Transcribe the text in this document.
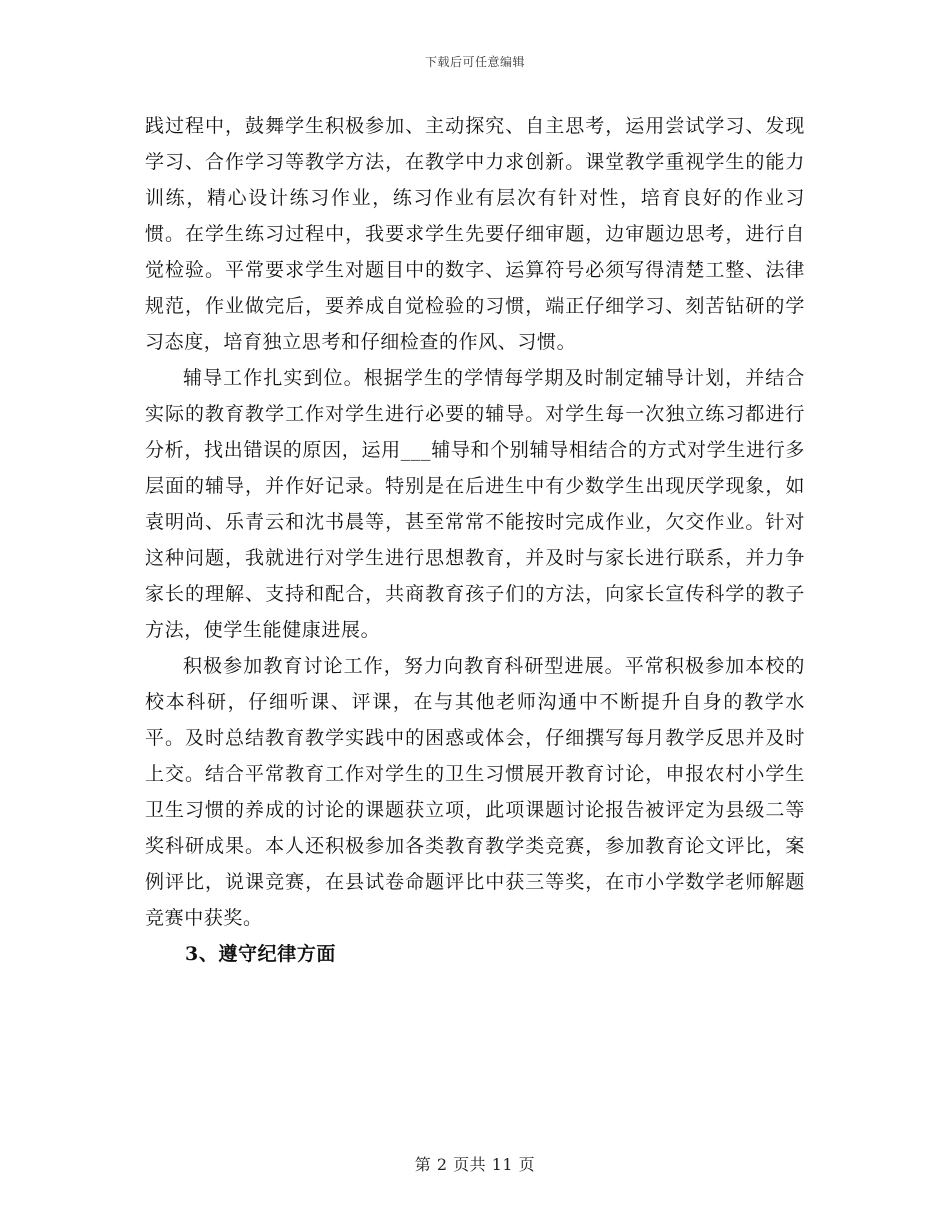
下载后可任意编辑

践过程中，鼓舞学生积极参加、主动探究、自主思考，运用尝试学习、发现学习、合作学习等教学方法，在教学中力求创新。课堂教学重视学生的能力训练，精心设计练习作业，练习作业有层次有针对性，培育良好的作业习惯。在学生练习过程中，我要求学生先要仔细审题，边审题边思考，进行自觉检验。平常要求学生对题目中的数字、运算符号必须写得清楚工整、法律规范，作业做完后，要养成自觉检验的习惯，端正仔细学习、刻苦钻研的学习态度，培育独立思考和仔细检查的作风、习惯。

辅导工作扎实到位。根据学生的学情每学期及时制定辅导计划，并结合实际的教育教学工作对学生进行必要的辅导。对学生每一次独立练习都进行分析，找出错误的原因，运用___辅导和个别辅导相结合的方式对学生进行多层面的辅导，并作好记录。特别是在后进生中有少数学生出现厌学现象，如袁明尚、乐青云和沈书晨等，甚至常常不能按时完成作业，欠交作业。针对这种问题，我就进行对学生进行思想教育，并及时与家长进行联系，并力争家长的理解、支持和配合，共商教育孩子们的方法，向家长宣传科学的教子方法，使学生能健康进展。

积极参加教育讨论工作，努力向教育科研型进展。平常积极参加本校的校本科研，仔细听课、评课，在与其他老师沟通中不断提升自身的教学水平。及时总结教育教学实践中的困惑或体会，仔细撰写每月教学反思并及时上交。结合平常教育工作对学生的卫生习惯展开教育讨论，申报农村小学生卫生习惯的养成的讨论的课题获立项，此项课题讨论报告被评定为县级二等奖科研成果。本人还积极参加各类教育教学类竞赛，参加教育论文评比，案例评比，说课竞赛，在县试卷命题评比中获三等奖，在市小学数学老师解题竞赛中获奖。

3、遵守纪律方面

第 2 页共 11 页
